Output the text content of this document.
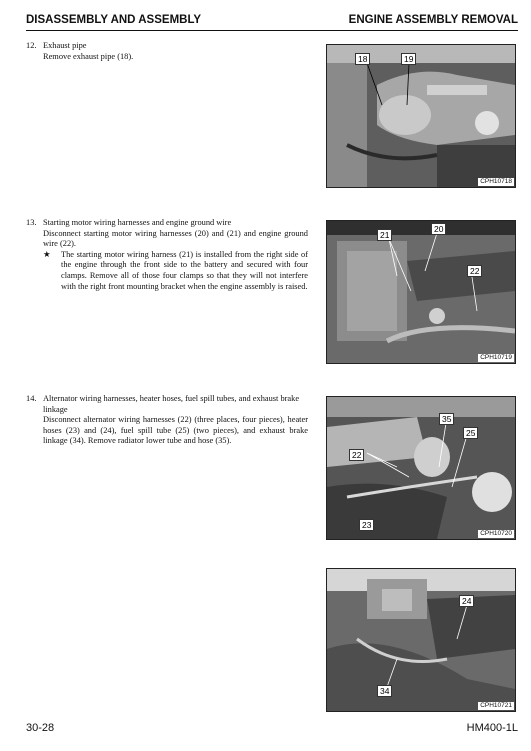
DISASSEMBLY AND ASSEMBLY	ENGINE ASSEMBLY REMOVAL
12. Exhaust pipe
Remove exhaust pipe (18).
13. Starting motor wiring harnesses and engine ground wire
Disconnect starting motor wiring harnesses (20) and (21) and engine ground wire (22).
★	The starting motor wiring harness (21) is installed from the right side of the engine through the front side to the battery and secured with four clamps. Remove all of those four clamps so that they will not interfere with the right front mounting bracket when the engine assembly is raised.
14. Alternator wiring harnesses, heater hoses, fuel spill tubes, and exhaust brake linkage
Disconnect alternator wiring harnesses (22) (three places, four pieces), heater hoses (23) and (24), fuel spill tube (25) (two pieces), and exhaust brake linkage (34). Remove radiator lower tube and hose (35).
18	19
CPH10718
21
20
22
CPH10719
35
25
22
23
CPH10720
24
34
CPH10721
30-28	HM400-1L
